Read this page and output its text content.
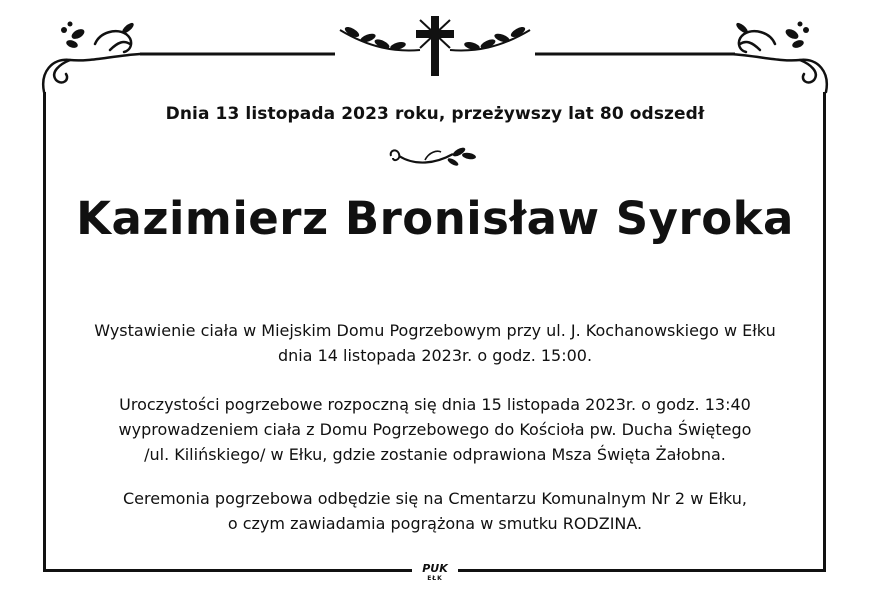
Dnia 13 listopada 2023 roku, przeżywszy lat 80 odszedł
Kazimierz Bronisław Syroka
Wystawienie ciała w Miejskim Domu Pogrzebowym przy ul. J. Kochanowskiego w Ełku
dnia 14 listopada 2023r. o godz. 15:00.
Uroczystości pogrzebowe rozpoczną się dnia 15 listopada 2023r. o godz. 13:40
wyprowadzeniem ciała z Domu Pogrzebowego do Kościoła pw. Ducha Świętego
/ul. Kilińskiego/ w Ełku, gdzie zostanie odprawiona Msza Święta Żałobna.
Ceremonia pogrzebowa odbędzie się na Cmentarzu Komunalnym Nr 2 w Ełku,
o czym zawiadamia pogrążona w smutku RODZINA.
PUK
EŁK
